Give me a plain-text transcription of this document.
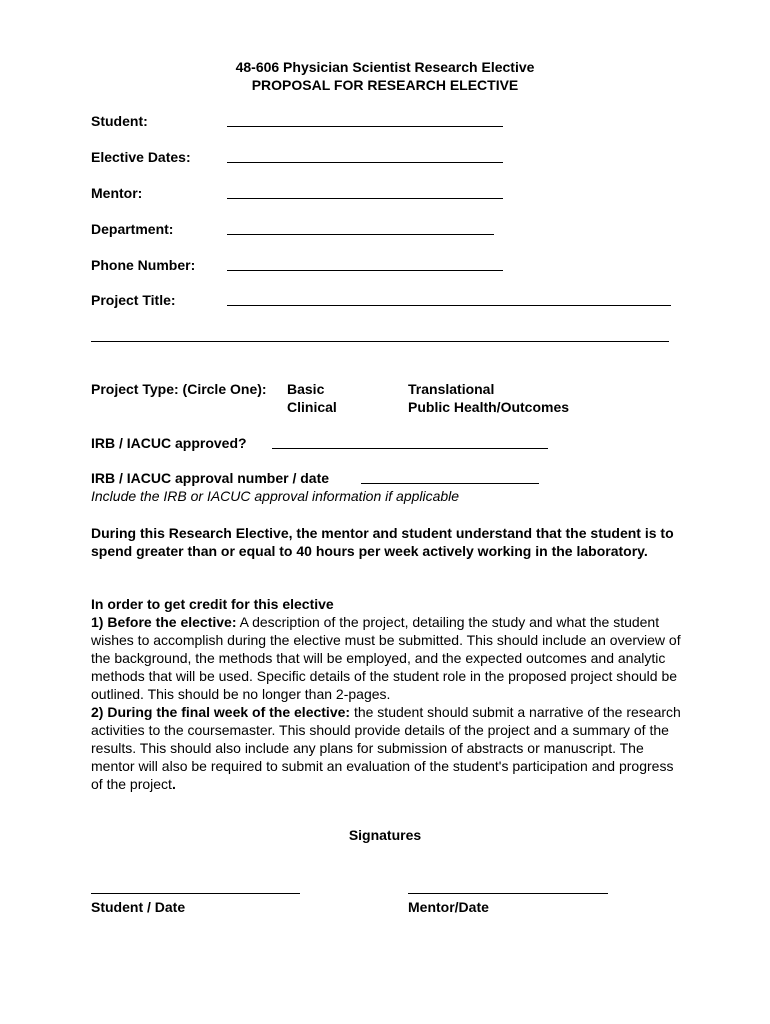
48-606 Physician Scientist Research Elective
PROPOSAL FOR RESEARCH ELECTIVE
Student:
Elective Dates:
Mentor:
Department:
Phone Number:
Project Title:
Project Type: (Circle One): Basic	Translational
Clinical	Public Health/Outcomes
IRB / IACUC approved?
IRB / IACUC approval number / date
Include the IRB or IACUC approval information if applicable
During this Research Elective, the mentor and student understand that the student is to spend greater than or equal to 40 hours per week actively working in the laboratory.

In order to get credit for this elective

1) Before the elective: A description of the project, detailing the study and what the student wishes to accomplish during the elective must be submitted. This should include an overview of the background, the methods that will be employed, and the expected outcomes and analytic methods that will be used. Specific details of the student role in the proposed project should be outlined. This should be no longer than 2-pages.

2) During the final week of the elective: the student should submit a narrative of the research activities to the coursemaster. This should provide details of the project and a summary of the results. This should also include any plans for submission of abstracts or manuscript. The mentor will also be required to submit an evaluation of the student's participation and progress of the project.

Signatures
Student / Date	Mentor/Date
